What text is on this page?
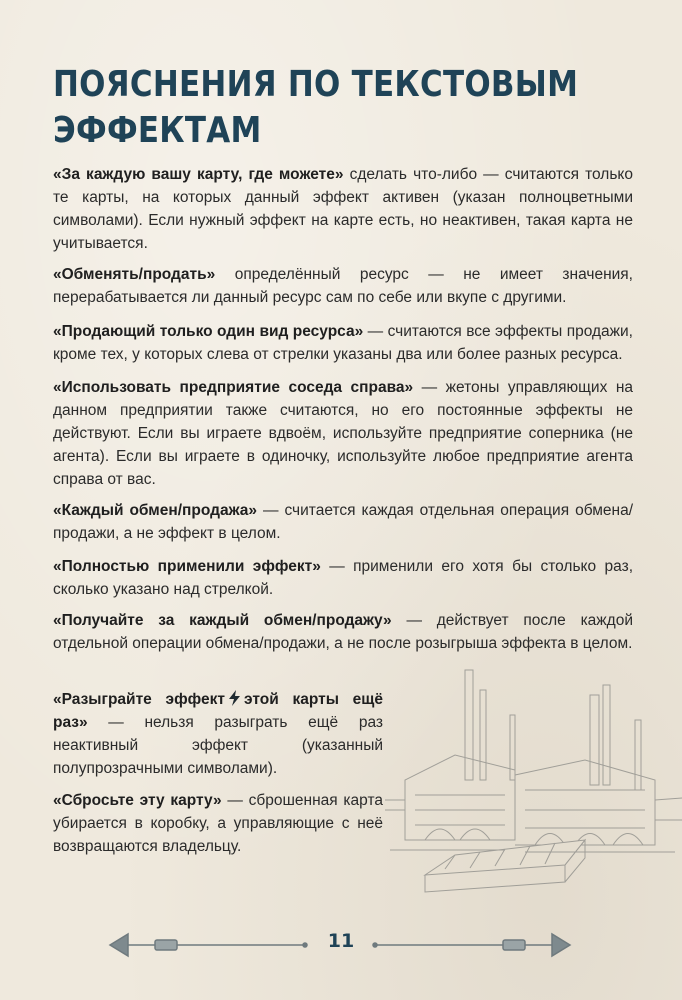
ПОЯСНЕНИЯ ПО ТЕКСТОВЫМ
ЭФФЕКТАМ
«За каждую вашу карту, где можете» сделать что-либо — считаются только те карты, на которых данный эффект активен (указан полноцветными символами). Если нужный эффект на карте есть, но неактивен, такая карта не учитывается.
«Обменять/продать» определённый ресурс — не имеет значения, перерабатывается ли данный ресурс сам по себе или вкупе с другими.
«Продающий только один вид ресурса» — считаются все эффекты продажи, кроме тех, у которых слева от стрелки указаны два или более разных ресурса.
«Использовать предприятие соседа справа» — жетоны управляющих на данном предприятии также считаются, но его постоянные эффекты не действуют. Если вы играете вдвоём, используйте предприятие соперника (не агента). Если вы играете в одиночку, используйте любое предприятие агента справа от вас.
«Каждый обмен/продажа» — считается каждая отдельная операция обмена/продажи, а не эффект в целом.
«Полностью применили эффект» — применили его хотя бы столько раз, сколько указано над стрелкой.
«Получайте за каждый обмен/продажу» — действует после каждой отдельной операции обмена/продажи, а не после розыгрыша эффекта в целом.
«Разыграйте эффект этой карты ещё раз» — нельзя разыграть ещё раз неактивный эффект (указанный полупрозрачными символами).
«Сбросьте эту карту» — сброшенная карта убирается в коробку, а управляющие с неё возвращаются владельцу.
11
